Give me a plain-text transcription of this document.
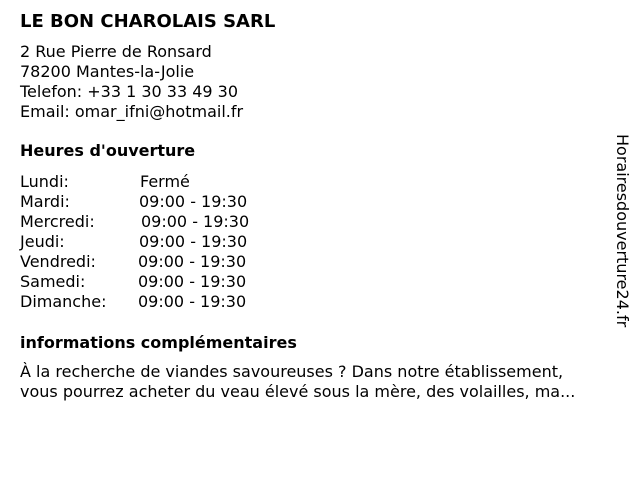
LE BON CHAROLAIS SARL
2 Rue Pierre de Ronsard
78200 Mantes-la-Jolie
Telefon: +33 1 30 33 49 30
Email: omar_ifni@hotmail.fr
Heures d'ouverture
Lundi:	Fermé
Mardi:	09:00 - 19:30
Mercredi:	09:00 - 19:30
Jeudi:	09:00 - 19:30
Vendredi:	09:00 - 19:30
Samedi:	09:00 - 19:30
Dimanche: 09:00 - 19:30
informations complémentaires
À la recherche de viandes savoureuses ? Dans notre établissement,
vous pourrez acheter du veau élevé sous la mère, des volailles, ma...
Horairesdouverture24.fr
